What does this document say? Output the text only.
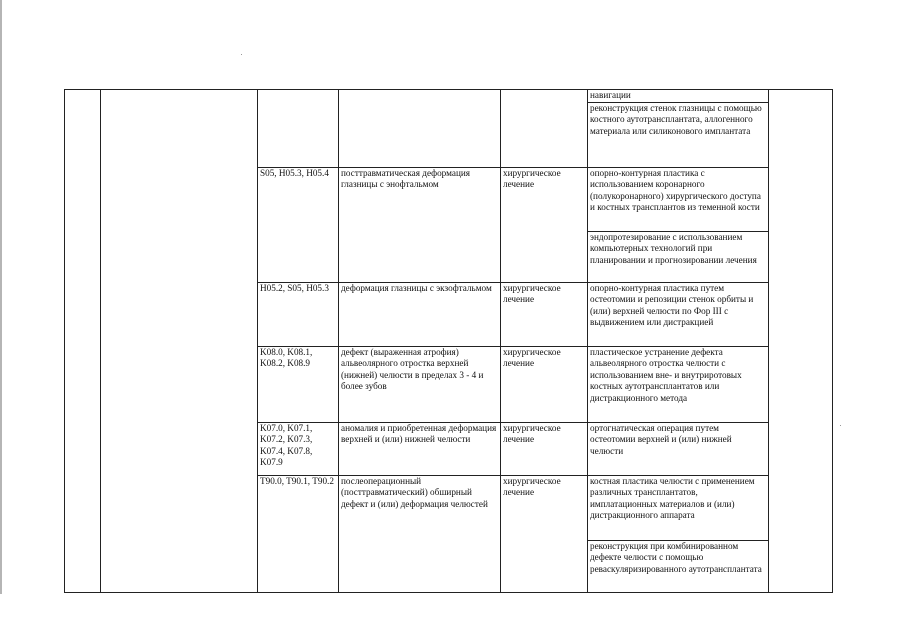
					навигации	
					реконструкция стенок глазницы с помощью костного аутотрансплантата, аллогенного материала или силиконового имплантата	
		S05, H05.3, H05.4	посттравматическая деформация глазницы с энофтальмом	хирургическое лечение	опорно-контурная пластика с использованием коронарного (полукоронарного) хирургического доступа и костных трансплантов из теменной кости	
					эндопротезирование с использованием компьютерных технологий при планировании и прогнозировании лечения	
		H05.2, S05, H05.3	деформация глазницы с экзофтальмом	хирургическое лечение	опорно-контурная пластика путем остеотомии и репозиции стенок орбиты и (или) верхней челюсти по Фор III с выдвижением или дистракцией	
		K08.0, K08.1, K08.2, K08.9	дефект (выраженная атрофия) альвеолярного отростка верхней (нижней) челюсти в пределах 3 - 4 и более зубов	хирургическое лечение	пластическое устранение дефекта альвеолярного отростка челюсти с использованием вне- и внутриротовых костных аутотрансплантатов или дистракционного метода	
		K07.0, K07.1, K07.2, K07.3, K07.4, K07.8, K07.9	аномалия и приобретенная деформация верхней и (или) нижней челюсти	хирургическое лечение	ортогнатическая операция путем остеотомии верхней и (или) нижней челюсти	
		T90.0, T90.1, T90.2	послеоперационный (посттравматический) обширный дефект и (или) деформация челюстей	хирургическое лечение	костная пластика челюсти с применением различных трансплантатов, имплатационных материалов и (или) дистракционного аппарата	
					реконструкция при комбинированном дефекте челюсти с помощью реваскуляризированного аутотрансплантата	
